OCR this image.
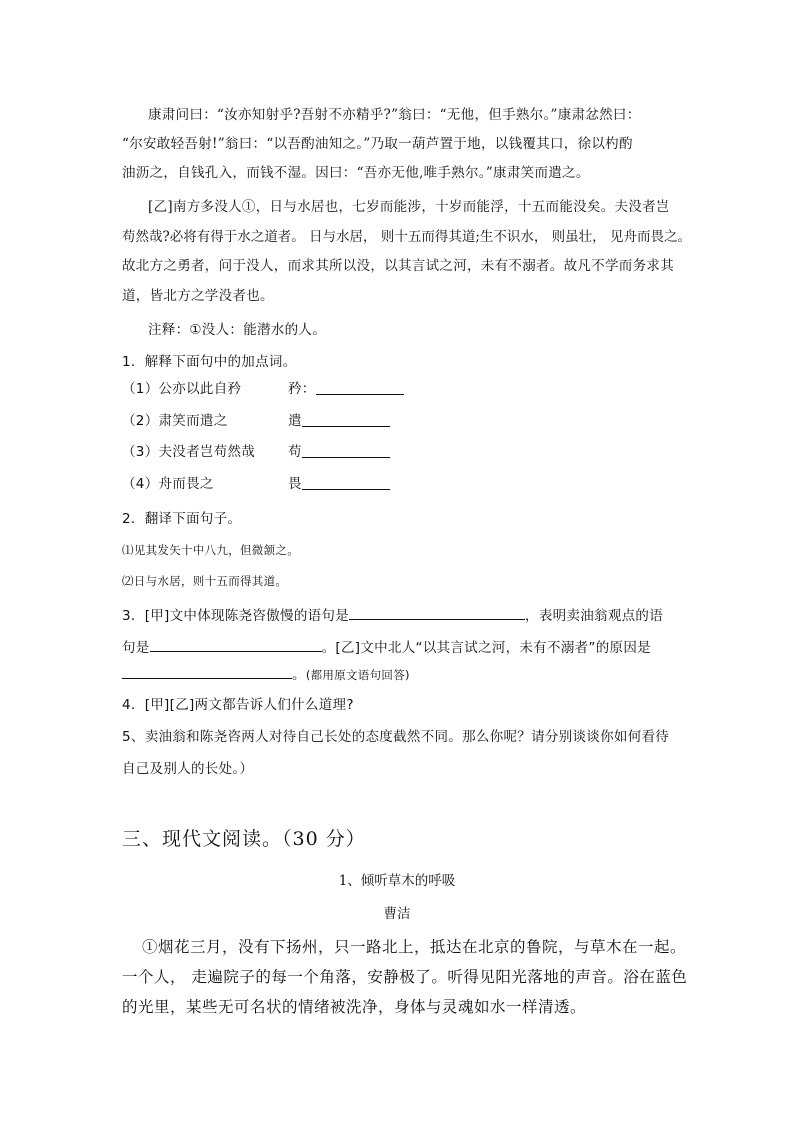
康肃问曰：“汝亦知射乎?吾射不亦精乎?”翁曰：“无他，但手熟尔。”康肃忿然曰：
“尔安敢轻吾射!”翁曰：“以吾酌油知之。”乃取一葫芦置于地，以钱覆其口，徐以杓酌
油沥之，自钱孔入，而钱不湿。因曰：“吾亦无他,唯手熟尔。”康肃笑而遣之。
[乙]南方多没人①，日与水居也，七岁而能涉，十岁而能浮，十五而能没矣。夫没者岂
苟然哉?必将有得于水之道者。 日与水居， 则十五而得其道;生不识水， 则虽壮， 见舟而畏之。
故北方之勇者，问于没人，而求其所以没，以其言试之河，未有不溺者。故凡不学而务求其
道，皆北方之学没者也。
注释：①没人：能潜水的人。
1．解释下面句中的加点词。
（1）公亦以此自矜	矜：
（2）肃笑而遣之	遣
（3）夫没者岂苟然哉 苟
（4）舟而畏之	畏
2．翻译下面句子。
⑴见其发矢十中八九，但微颔之。
⑵日与水居，则十五而得其道。
3．[甲]文中体现陈尧咨傲慢的语句是	，表明卖油翁观点的语
句是	。[乙]文中北人“以其言试之河，未有不溺者”的原因是
。(都用原文语句回答)
4．[甲][乙]两文都告诉人们什么道理?
5、卖油翁和陈尧咨两人对待自己长处的态度截然不同。那么你呢？请分别谈谈你如何看待
自己及别人的长处。）
三、现代文阅读。（30 分）
1、倾听草木的呼吸
曹洁
①烟花三月，没有下扬州，只一路北上，抵达在北京的鲁院，与草木在一起。
一个人， 走遍院子的每一个角落，安静极了。听得见阳光落地的声音。浴在蓝色
的光里，某些无可名状的情绪被洗净，身体与灵魂如水一样清透。
